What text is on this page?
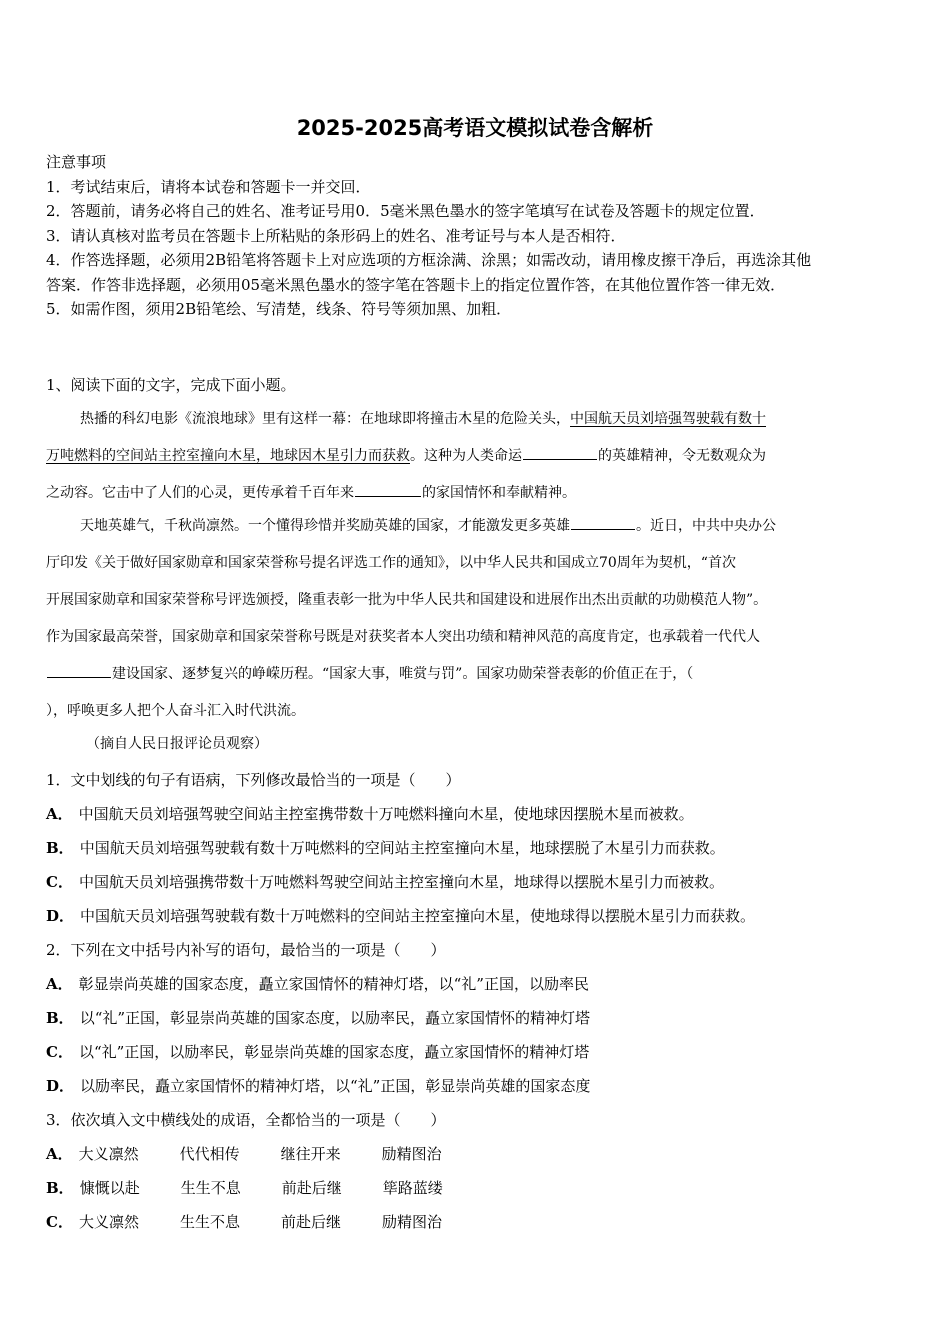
2025-2025高考语文模拟试卷含解析
注意事项
1．考试结束后，请将本试卷和答题卡一并交回．
2．答题前，请务必将自己的姓名、准考证号用0．5毫米黑色墨水的签字笔填写在试卷及答题卡的规定位置．
3．请认真核对监考员在答题卡上所粘贴的条形码上的姓名、准考证号与本人是否相符．
4．作答选择题，必须用2B铅笔将答题卡上对应选项的方框涂满、涂黑；如需改动，请用橡皮擦干净后，再选涂其他
答案．作答非选择题，必须用05毫米黑色墨水的签字笔在答题卡上的指定位置作答，在其他位置作答一律无效．
5．如需作图，须用2B铅笔绘、写清楚，线条、符号等须加黑、加粗．
1、阅读下面的文字，完成下面小题。
热播的科幻电影《流浪地球》里有这样一幕：在地球即将撞击木星的危险关头，中国航天员刘培强驾驶载有数十
万吨燃料的空间站主控室撞向木星，地球因木星引力而获救。这种为人类命运	的英雄精神，令无数观众为
之动容。它击中了人们的心灵，更传承着千百年来	的家国情怀和奉献精神。
天地英雄气，千秋尚凛然。一个懂得珍惜并奖励英雄的国家，才能激发更多英雄	。近日，中共中央办公
厅印发《关于做好国家勋章和国家荣誉称号提名评选工作的通知》，以中华人民共和国成立70周年为契机，“首次
开展国家勋章和国家荣誉称号评选颁授，隆重表彰一批为中华人民共和国建设和进展作出杰出贡献的功勋模范人物”。
作为国家最高荣誉，国家勋章和国家荣誉称号既是对获奖者本人突出功绩和精神风范的高度肯定，也承载着一代代人
建设国家、逐梦复兴的峥嵘历程。“国家大事，唯赏与罚”。国家功勋荣誉表彰的价值正在于，（
），呼唤更多人把个人奋斗汇入时代洪流。
（摘自人民日报评论员观察）
1．文中划线的句子有语病，下列修改最恰当的一项是（　　）
A． 中国航天员刘培强驾驶空间站主控室携带数十万吨燃料撞向木星，使地球因摆脱木星而被救。
B． 中国航天员刘培强驾驶载有数十万吨燃料的空间站主控室撞向木星，地球摆脱了木星引力而获救。
C． 中国航天员刘培强携带数十万吨燃料驾驶空间站主控室撞向木星，地球得以摆脱木星引力而被救。
D． 中国航天员刘培强驾驶载有数十万吨燃料的空间站主控室撞向木星，使地球得以摆脱木星引力而获救。
2．下列在文中括号内补写的语句，最恰当的一项是（　　）
A． 彰显崇尚英雄的国家态度，矗立家国情怀的精神灯塔，以“礼”正国，以励率民
B． 以“礼”正国，彰显崇尚英雄的国家态度，以励率民，矗立家国情怀的精神灯塔
C． 以“礼”正国，以励率民，彰显崇尚英雄的国家态度，矗立家国情怀的精神灯塔
D． 以励率民，矗立家国情怀的精神灯塔，以“礼”正国，彰显崇尚英雄的国家态度
3．依次填入文中横线处的成语，全都恰当的一项是（　　）
A． 大义凛然	代代相传	继往开来	励精图治
B． 慷慨以赴	生生不息	前赴后继	筚路蓝缕
C． 大义凛然	生生不息	前赴后继	励精图治
